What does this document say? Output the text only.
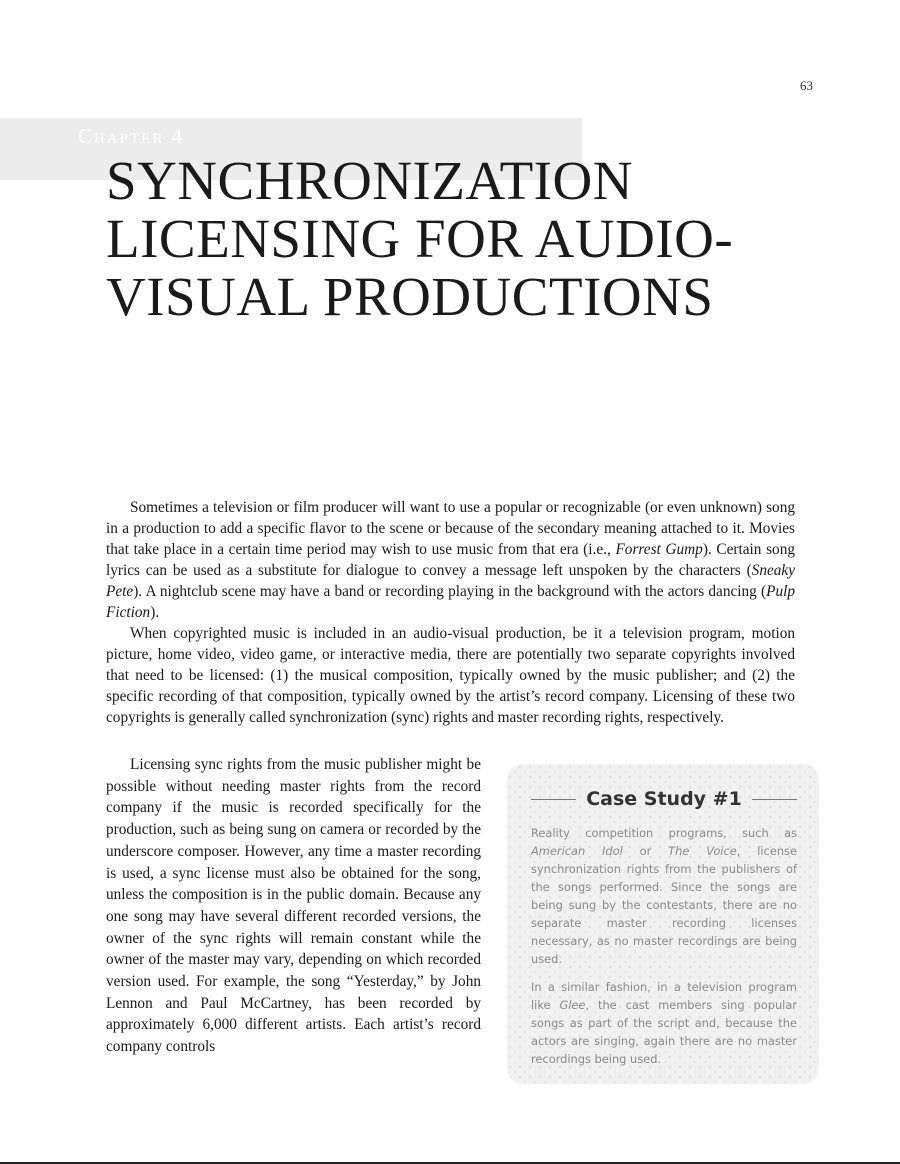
63
Chapter 4
SYNCHRONIZATION
LICENSING FOR AUDIO-
VISUAL PRODUCTIONS

Sometimes a television or film producer will want to use a popular or recognizable (or even unknown) song in a production to add a specific flavor to the scene or because of the secondary meaning attached to it. Movies that take place in a certain time period may wish to use music from that era (i.e., Forrest Gump). Certain song lyrics can be used as a substitute for dialogue to convey a message left unspoken by the characters (Sneaky Pete). A nightclub scene may have a band or recording playing in the background with the actors dancing (Pulp Fiction).

When copyrighted music is included in an audio-visual production, be it a television program, motion picture, home video, video game, or interactive media, there are potentially two separate copyrights involved that need to be licensed: (1) the musical composition, typically owned by the music publisher; and (2) the specific recording of that composition, typically owned by the artist’s record company. Licensing of these two copyrights is generally called synchronization (sync) rights and master recording rights, respectively.

Licensing sync rights from the music publisher might be possible without needing master rights from the record company if the music is recorded specifically for the production, such as being sung on camera or recorded by the underscore composer. However, any time a master recording is used, a sync license must also be obtained for the song, unless the composition is in the public domain. Because any one song may have several different recorded versions, the owner of the sync rights will remain constant while the owner of the master may vary, depending on which recorded version used. For example, the song “Yesterday,” by John Lennon and Paul McCartney, has been recorded by approximately 6,000 different artists. Each artist’s record company controls

Case Study #1

Reality competition programs, such as American Idol or The Voice, license synchronization rights from the publishers of the songs performed. Since the songs are being sung by the contestants, there are no separate master recording licenses necessary, as no master recordings are being used.

In a similar fashion, in a television program like Glee, the cast members sing popular songs as part of the script and, because the actors are singing, again there are no master recordings being used.
